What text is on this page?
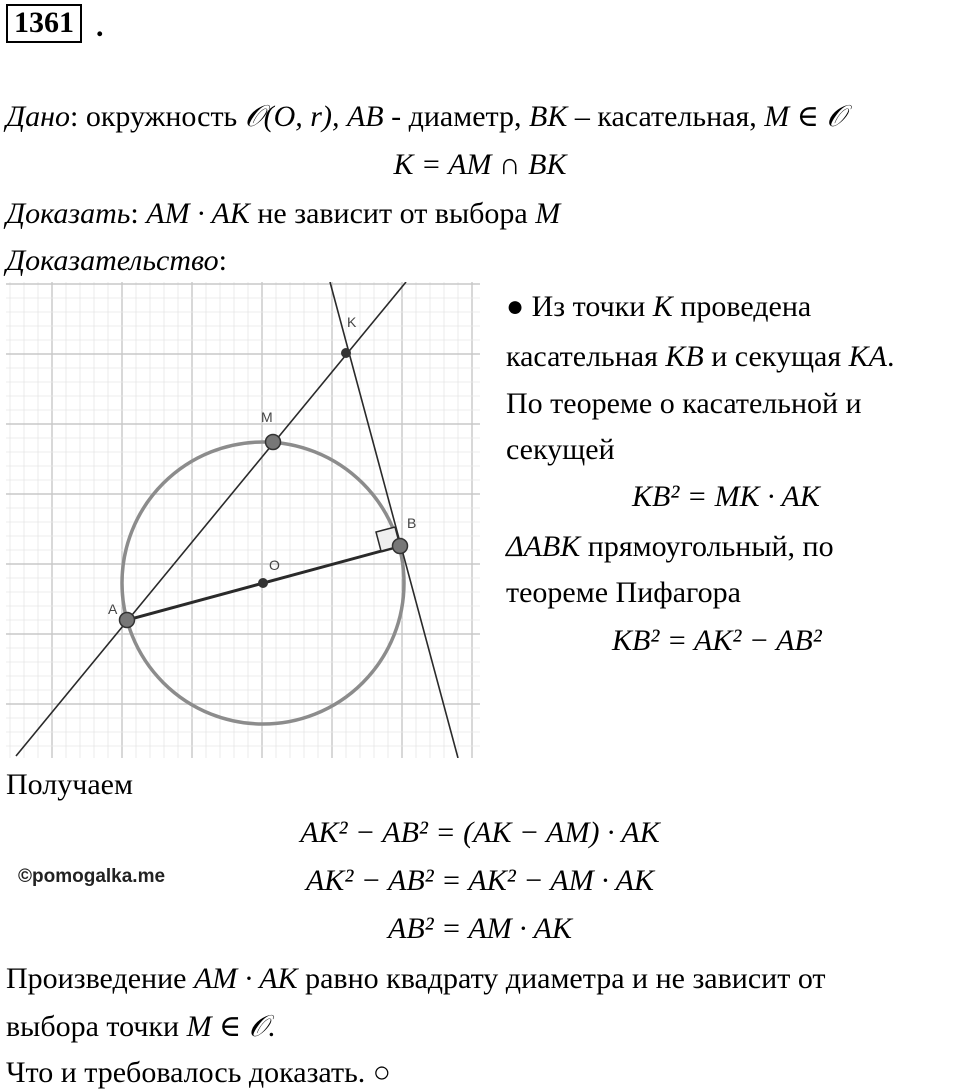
1361 .
Дано: окружность 𝒪(O, r), AB - диаметр, BK – касательная, M ∈ 𝒪
K = AM ∩ BK
Доказать: AM · AK не зависит от выбора M
Доказательство:
A
B
O
M
K	● Из точки K проведена
касательная KB и секущая KA.
По теореме о касательной и
секущей
KB² = MK · AK
ΔABK прямоугольный, по
теореме Пифагора
KB² = AK² − AB²
Получаем
AK² − AB² = (AK − AM) · AK
AK² − AB² = AK² − AM · AK
AB² = AM · AK
©pomogalka.me
Произведение AM · AK равно квадрату диаметра и не зависит от
выбора точки M ∈ 𝒪.
Что и требовалось доказать. ○
